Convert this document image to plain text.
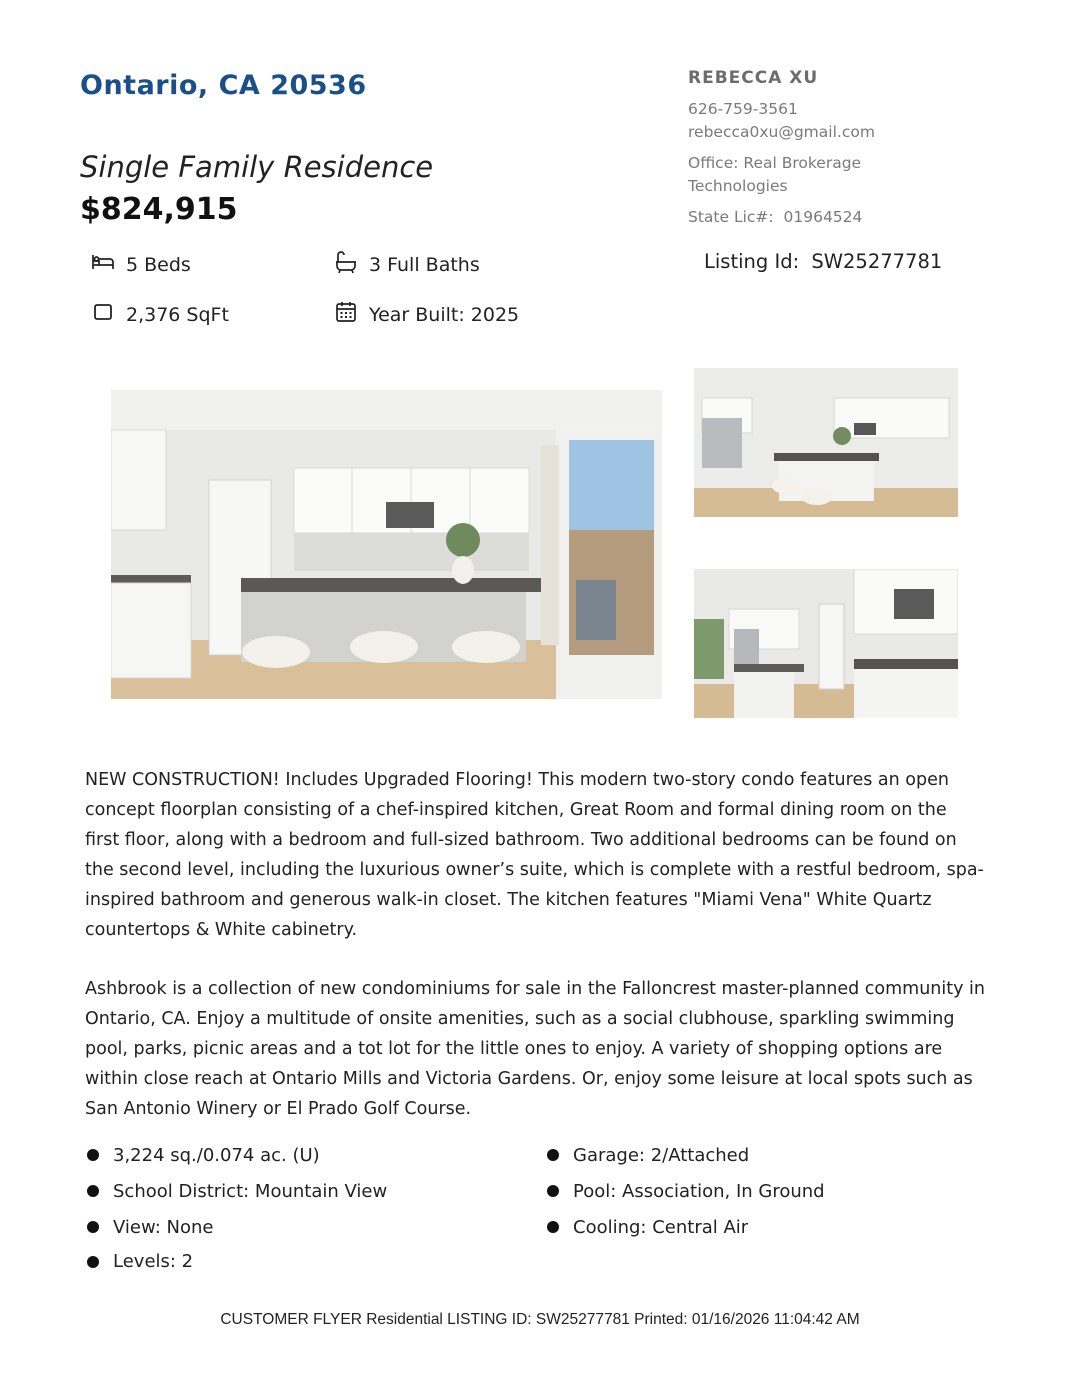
Ontario, CA 20536
Single Family Residence
$824,915
REBECCA XU
626-759-3561
rebecca0xu@gmail.com
Office: Real Brokerage Technologies
State Lic#: 01964524
5 Beds	3 Full Baths
2,376 SqFt	Year Built: 2025
Listing Id: SW25277781

NEW CONSTRUCTION! Includes Upgraded Flooring! This modern two-story condo features an open concept floorplan consisting of a chef-inspired kitchen, Great Room and formal dining room on the first floor, along with a bedroom and full-sized bathroom. Two additional bedrooms can be found on the second level, including the luxurious owner’s suite, which is complete with a restful bedroom, spa-inspired bathroom and generous walk-in closet. The kitchen features "Miami Vena" White Quartz countertops & White cabinetry.

Ashbrook is a collection of new condominiums for sale in the Falloncrest master-planned community in Ontario, CA. Enjoy a multitude of onsite amenities, such as a social clubhouse, sparkling swimming pool, parks, picnic areas and a tot lot for the little ones to enjoy. A variety of shopping options are within close reach at Ontario Mills and Victoria Gardens. Or, enjoy some leisure at local spots such as San Antonio Winery or El Prado Golf Course.

3,224 sq./0.074 ac. (U)
School District: Mountain View
View: None
Levels: 2
Garage: 2/Attached
Pool: Association, In Ground
Cooling: Central Air
CUSTOMER FLYER Residential LISTING ID: SW25277781 Printed: 01/16/2026 11:04:42 AM
